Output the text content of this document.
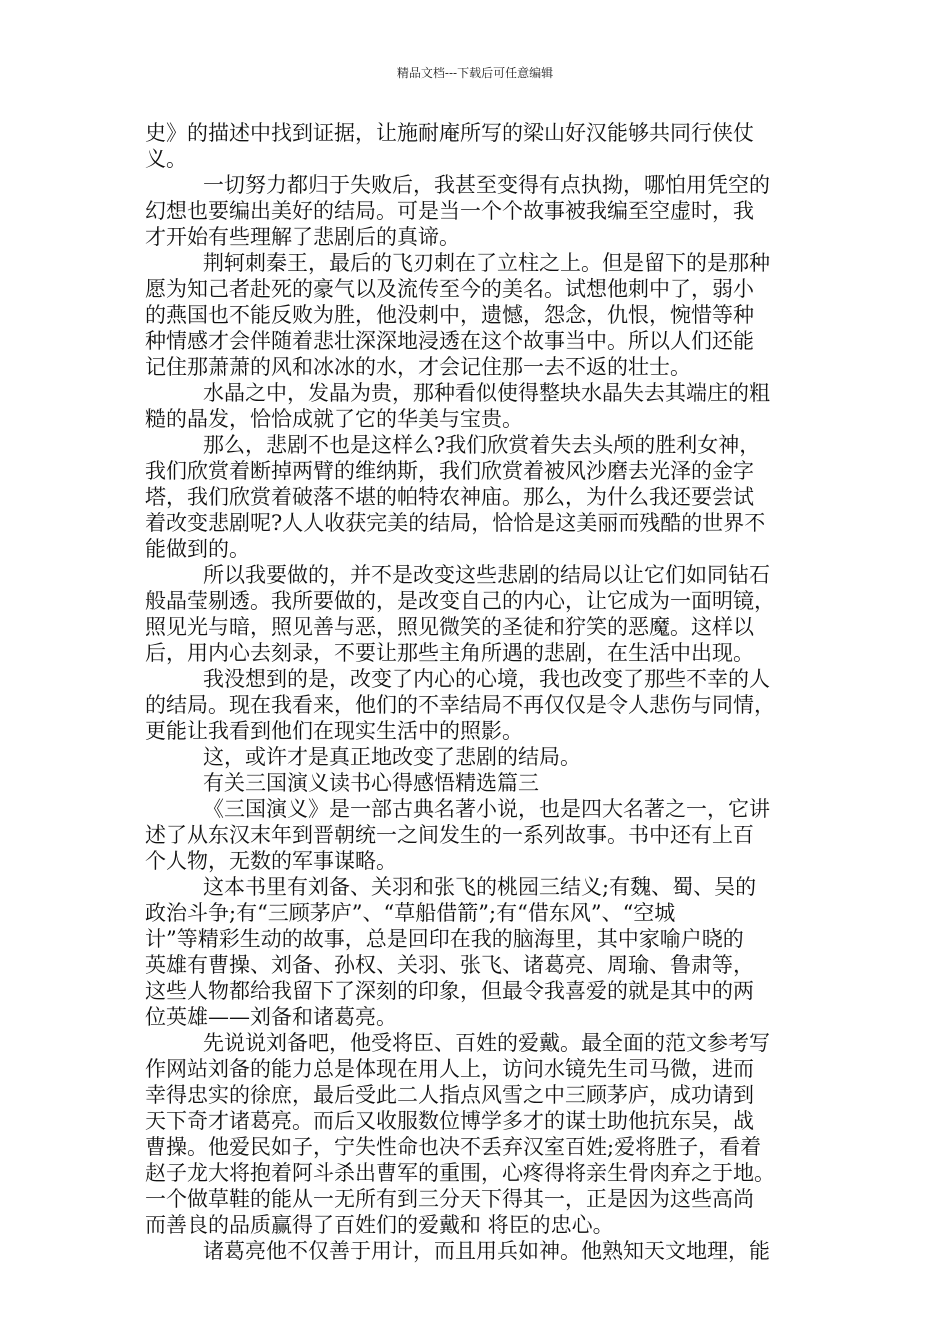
精品文档---下载后可任意编辑
史》的描述中找到证据，让施耐庵所写的梁山好汉能够共同行侠仗
义。
一切努力都归于失败后，我甚至变得有点执拗，哪怕用凭空的
幻想也要编出美好的结局。可是当一个个故事被我编至空虚时，我
才开始有些理解了悲剧后的真谛。
荆轲刺秦王，最后的飞刃刺在了立柱之上。但是留下的是那种
愿为知己者赴死的豪气以及流传至今的美名。试想他刺中了，弱小
的燕国也不能反败为胜，他没刺中，遗憾，怨念，仇恨，惋惜等种
种情感才会伴随着悲壮深深地浸透在这个故事当中。所以人们还能
记住那萧萧的风和冰冰的水，才会记住那一去不返的壮士。
水晶之中，发晶为贵，那种看似使得整块水晶失去其端庄的粗
糙的晶发，恰恰成就了它的华美与宝贵。
那么，悲剧不也是这样么?我们欣赏着失去头颅的胜利女神，
我们欣赏着断掉两臂的维纳斯，我们欣赏着被风沙磨去光泽的金字
塔，我们欣赏着破落不堪的帕特农神庙。那么，为什么我还要尝试
着改变悲剧呢?人人收获完美的结局，恰恰是这美丽而残酷的世界不
能做到的。
所以我要做的，并不是改变这些悲剧的结局以让它们如同钻石
般晶莹剔透。我所要做的，是改变自己的内心，让它成为一面明镜，
照见光与暗，照见善与恶，照见微笑的圣徒和狞笑的恶魔。这样以
后，用内心去刻录，不要让那些主角所遇的悲剧，在生活中出现。
我没想到的是，改变了内心的心境，我也改变了那些不幸的人
的结局。现在我看来，他们的不幸结局不再仅仅是令人悲伤与同情，
更能让我看到他们在现实生活中的照影。
这，或许才是真正地改变了悲剧的结局。
有关三国演义读书心得感悟精选篇三
《三国演义》是一部古典名著小说，也是四大名著之一，它讲
述了从东汉末年到晋朝统一之间发生的一系列故事。书中还有上百
个人物，无数的军事谋略。
这本书里有刘备、关羽和张飞的桃园三结义;有魏、蜀、吴的
政治斗争;有“三顾茅庐”、“草船借箭”;有“借东风”、“空城
计”等精彩生动的故事，总是回印在我的脑海里，其中家喻户晓的
英雄有曹操、刘备、孙权、关羽、张飞、诸葛亮、周瑜、鲁肃等，
这些人物都给我留下了深刻的印象，但最令我喜爱的就是其中的两
位英雄——刘备和诸葛亮。
先说说刘备吧，他受将臣、百姓的爱戴。最全面的范文参考写
作网站刘备的能力总是体现在用人上，访问水镜先生司马微，进而
幸得忠实的徐庶，最后受此二人指点风雪之中三顾茅庐，成功请到
天下奇才诸葛亮。而后又收服数位博学多才的谋士助他抗东吴，战
曹操。他爱民如子，宁失性命也决不丢弃汉室百姓;爱将胜子，看着
赵子龙大将抱着阿斗杀出曹军的重围，心疼得将亲生骨肉弃之于地。
一个做草鞋的能从一无所有到三分天下得其一，正是因为这些高尚
而善良的品质赢得了百姓们的爱戴和 将臣的忠心。
诸葛亮他不仅善于用计，而且用兵如神。他熟知天文地理，能
